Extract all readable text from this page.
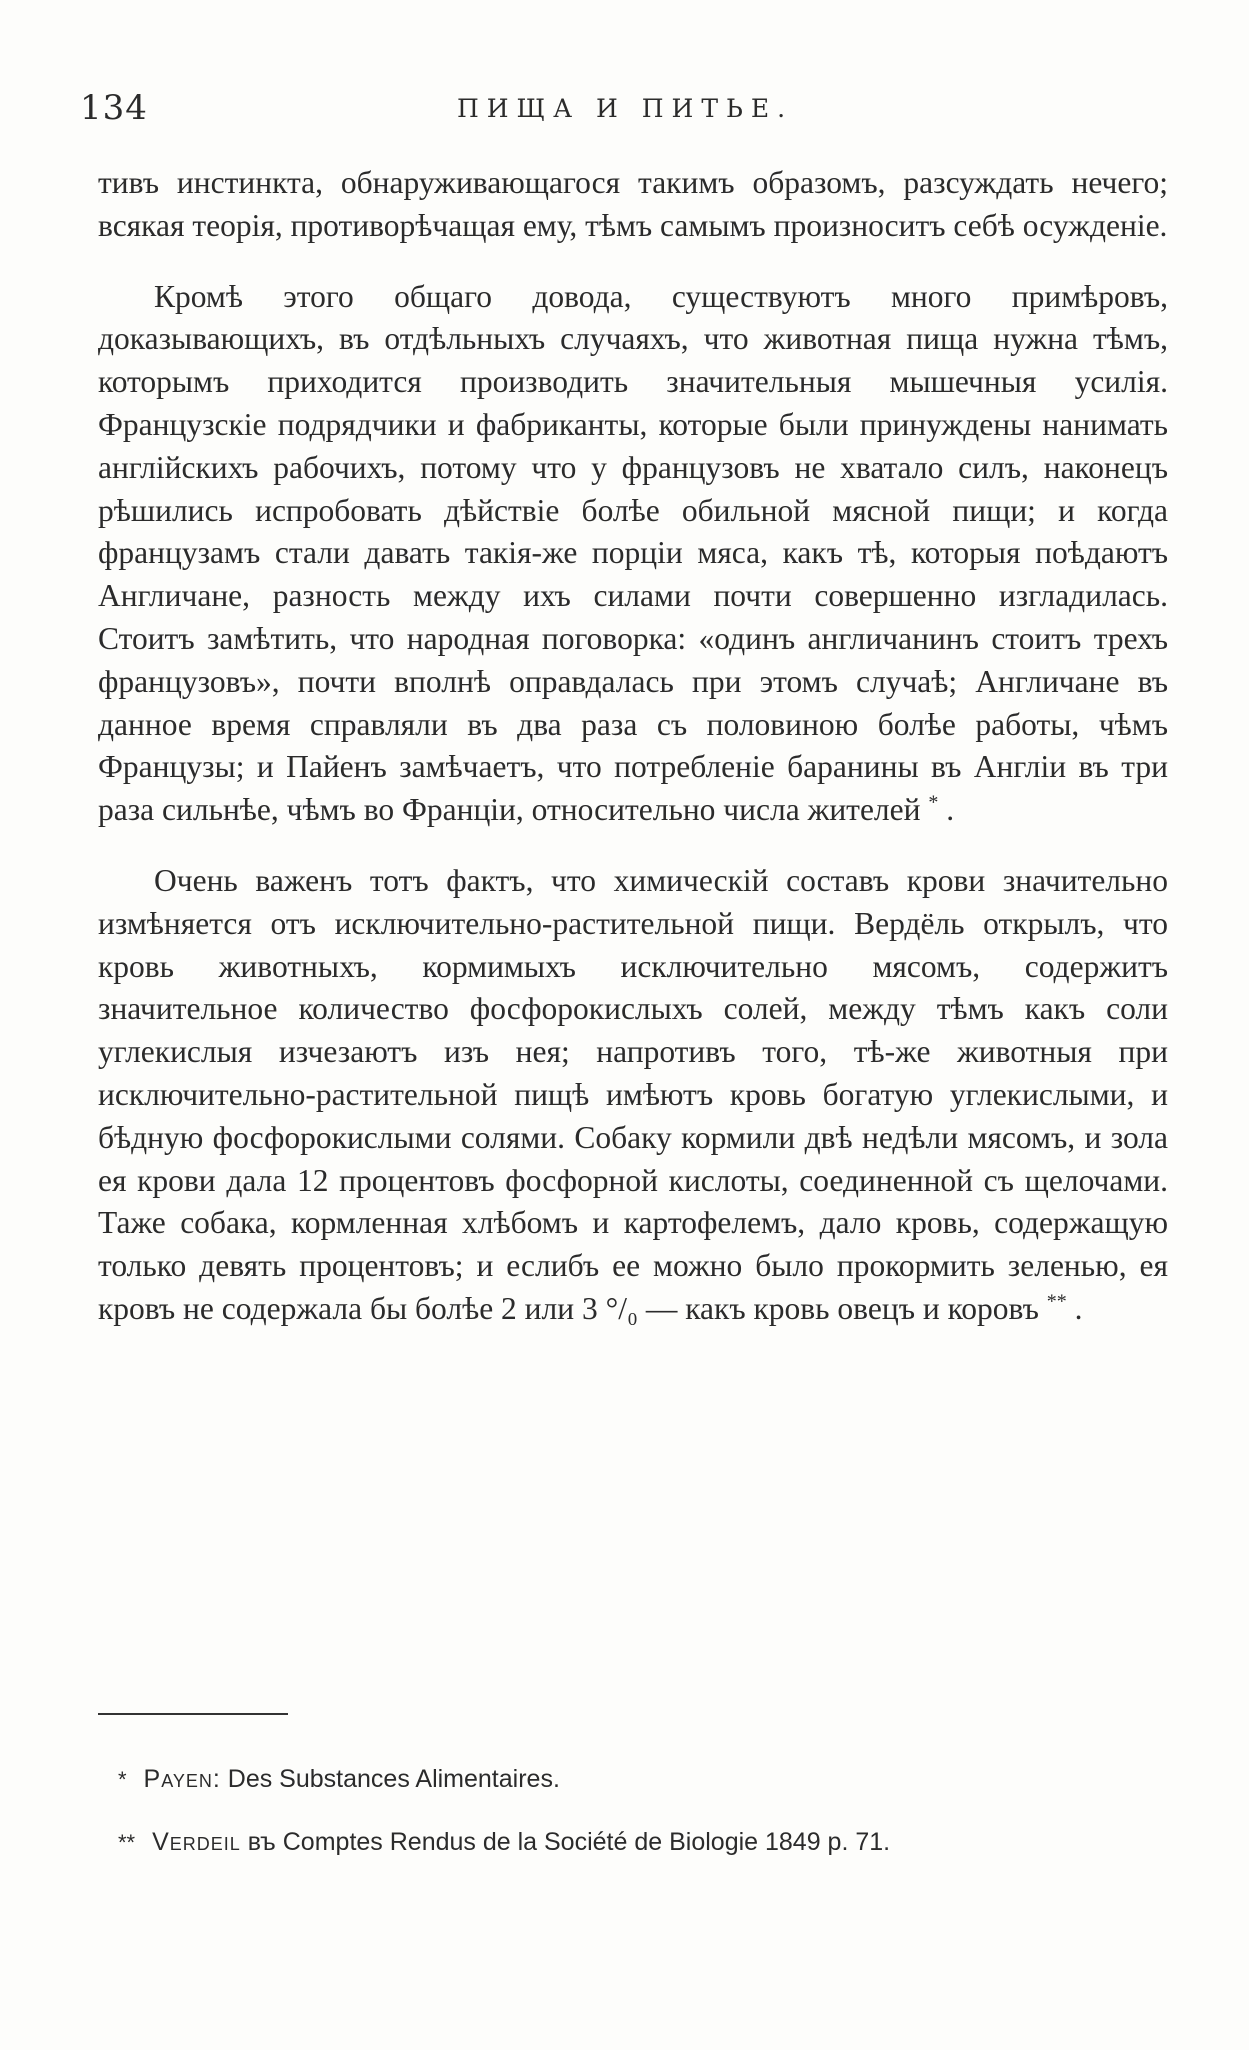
134	ПИЩА И ПИТЬЕ.

тивъ инстинкта, обнаруживающагося такимъ образомъ, разсуждать нечего; всякая теорія, противорѣчащая ему, тѣмъ самымъ произноситъ себѣ осужденіе.

Кромѣ этого общаго довода, существуютъ много примѣровъ, доказывающихъ, въ отдѣльныхъ случаяхъ, что животная пища нужна тѣмъ, которымъ приходится производить значительныя мышечныя усилія. Французскіе подрядчики и фабриканты, которые были принуждены нанимать англійскихъ рабочихъ, потому что у французовъ не хватало силъ, наконецъ рѣшились испробовать дѣйствіе болѣе обильной мясной пищи; и когда французамъ стали давать такія-же порціи мяса, какъ тѣ, которыя поѣдаютъ Англичане, разность между ихъ силами почти совершенно изгладилась. Стоитъ замѣтить, что народная поговорка: «одинъ англичанинъ стоитъ трехъ французовъ», почти вполнѣ оправдалась при этомъ случаѣ; Англичане въ данное время справляли въ два раза съ половиною болѣе работы, чѣмъ Французы; и Пайенъ замѣчаетъ, что потребленіе баранины въ Англіи въ три раза сильнѣе, чѣмъ во Франціи, относительно числа жителей * .

Очень важенъ тотъ фактъ, что химическій составъ крови значительно измѣняется отъ исключительно-растительной пищи. Вердёль открылъ, что кровь животныхъ, кормимыхъ исключительно мясомъ, содержитъ значительное количество фосфорокислыхъ солей, между тѣмъ какъ соли углекислыя изчезаютъ изъ нея; напротивъ того, тѣ-же животныя при исключительно-растительной пищѣ имѣютъ кровь богатую углекислыми, и бѣдную фосфорокислыми солями. Собаку кормили двѣ недѣли мясомъ, и зола ея крови дала 12 процентовъ фосфорной кислоты, соединенной съ щелочами. Таже собака, кормленная хлѣбомъ и картофелемъ, дало кровь, содержащую только девять процентовъ; и еслибъ ее можно было прокормить зеленью, ея кровъ не содержала бы болѣе 2 или 3 °/₀ — какъ кровь овецъ и коровъ ** .

* Payen: Des Substances Alimentaires.

** Verdeil въ Comptes Rendus de la Société de Biologie 1849 p. 71.
